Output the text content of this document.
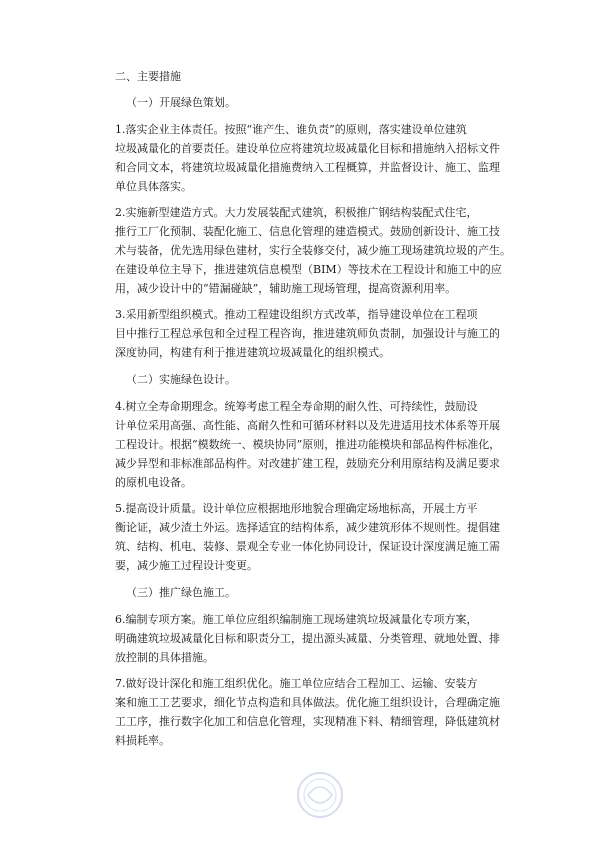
二、主要措施
（一）开展绿色策划。
1.落实企业主体责任。按照“谁产生、谁负责”的原则，落实建设单位建筑
垃圾减量化的首要责任。建设单位应将建筑垃圾减量化目标和措施纳入招标文件
和合同文本，将建筑垃圾减量化措施费纳入工程概算，并监督设计、施工、监理
单位具体落实。
2.实施新型建造方式。大力发展装配式建筑，积极推广钢结构装配式住宅，
推行工厂化预制、装配化施工、信息化管理的建造模式。鼓励创新设计、施工技
术与装备，优先选用绿色建材，实行全装修交付，减少施工现场建筑垃圾的产生。
在建设单位主导下，推进建筑信息模型（BIM）等技术在工程设计和施工中的应
用，减少设计中的“错漏碰缺”，辅助施工现场管理，提高资源利用率。
3.采用新型组织模式。推动工程建设组织方式改革，指导建设单位在工程项
目中推行工程总承包和全过程工程咨询，推进建筑师负责制，加强设计与施工的
深度协同，构建有利于推进建筑垃圾减量化的组织模式。
（二）实施绿色设计。
4.树立全寿命期理念。统筹考虑工程全寿命期的耐久性、可持续性，鼓励设
计单位采用高强、高性能、高耐久性和可循环材料以及先进适用技术体系等开展
工程设计。根据“模数统一、模块协同”原则，推进功能模块和部品构件标准化，
减少异型和非标准部品构件。对改建扩建工程，鼓励充分利用原结构及满足要求
的原机电设备。
5.提高设计质量。设计单位应根据地形地貌合理确定场地标高，开展土方平
衡论证，减少渣土外运。选择适宜的结构体系，减少建筑形体不规则性。提倡建
筑、结构、机电、装修、景观全专业一体化协同设计，保证设计深度满足施工需
要，减少施工过程设计变更。
（三）推广绿色施工。
6.编制专项方案。施工单位应组织编制施工现场建筑垃圾减量化专项方案，
明确建筑垃圾减量化目标和职责分工，提出源头减量、分类管理、就地处置、排
放控制的具体措施。
7.做好设计深化和施工组织优化。施工单位应结合工程加工、运输、安装方
案和施工工艺要求，细化节点构造和具体做法。优化施工组织设计，合理确定施
工工序，推行数字化加工和信息化管理，实现精准下料、精细管理，降低建筑材
料损耗率。
